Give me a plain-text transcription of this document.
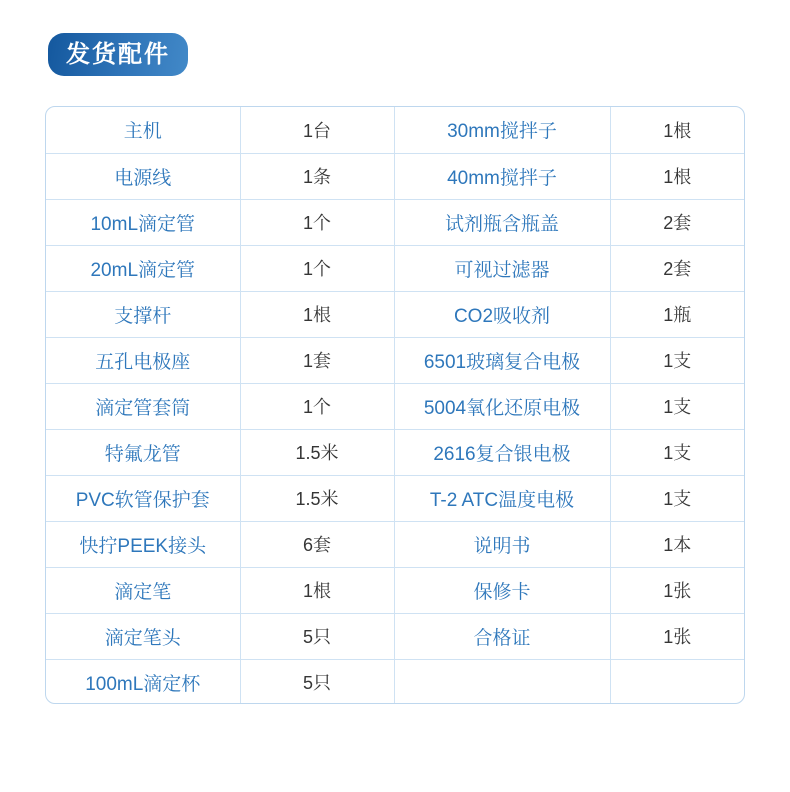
发货配件
主机	1台	30mm搅拌子	1根
电源线	1条	40mm搅拌子	1根
10mL滴定管	1个	试剂瓶含瓶盖	2套
20mL滴定管	1个	可视过滤器	2套
支撑杆	1根	CO2吸收剂	1瓶
五孔电极座	1套	6501玻璃复合电极	1支
滴定管套筒	1个	5004氧化还原电极	1支
特氟龙管	1.5米	2616复合银电极	1支
PVC软管保护套	1.5米	T-2 ATC温度电极	1支
快拧PEEK接头	6套	说明书	1本
滴定笔	1根	保修卡	1张
滴定笔头	5只	合格证	1张
100mL滴定杯	5只		
